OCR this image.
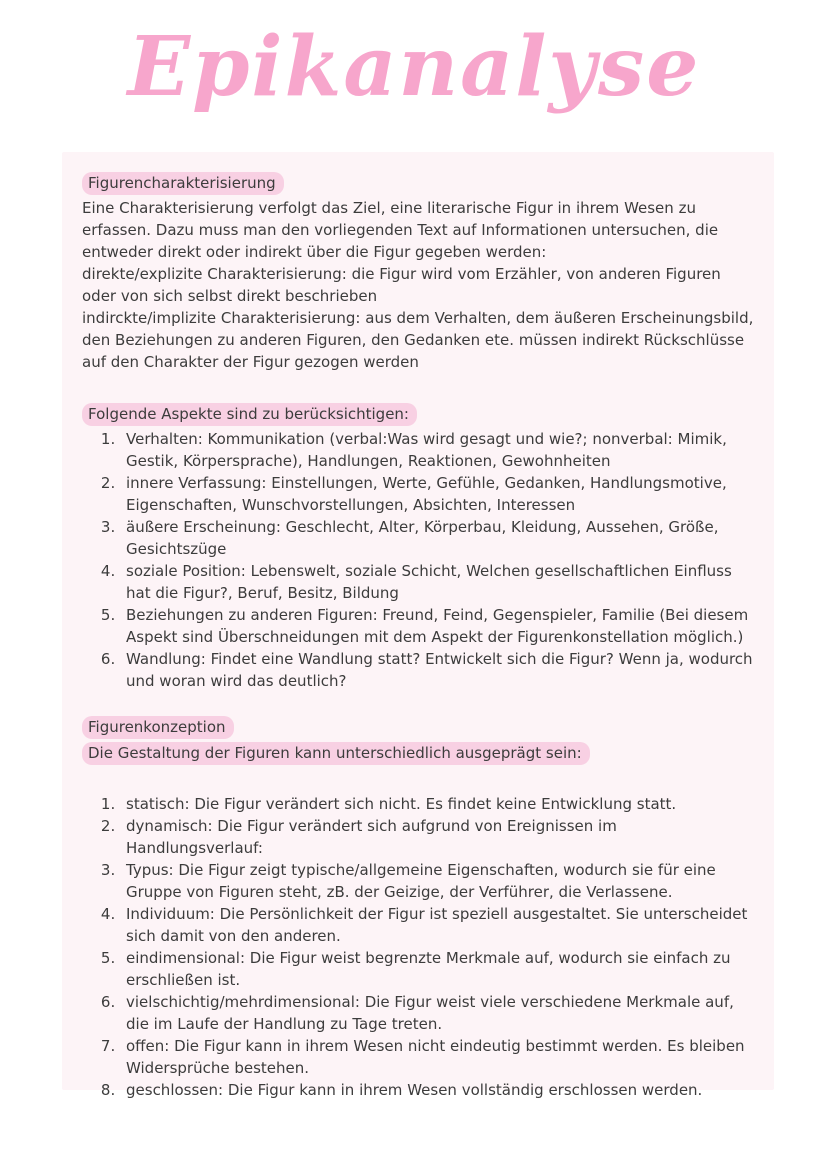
Epikanalyse
Figurencharakterisierung

Eine Charakterisierung verfolgt das Ziel, eine literarische Figur in ihrem Wesen zu erfassen. Dazu muss man den vorliegenden Text auf Informationen untersuchen, die entweder direkt oder indirekt über die Figur gegeben werden:

direkte/explizite Charakterisierung: die Figur wird vom Erzähler, von anderen Figuren oder von sich selbst direkt beschrieben

indirckte/implizite Charakterisierung: aus dem Verhalten, dem äußeren Erscheinungsbild, den Beziehungen zu anderen Figuren, den Gedanken ete. müssen indirekt Rückschlüsse auf den Charakter der Figur gezogen werden

Folgende Aspekte sind zu berücksichtigen:
1. Verhalten: Kommunikation (verbal:Was wird gesagt und wie?; nonverbal: Mimik, Gestik, Körpersprache), Handlungen, Reaktionen, Gewohnheiten
2. innere Verfassung: Einstellungen, Werte, Gefühle, Gedanken, Handlungsmotive, Eigenschaften, Wunschvorstellungen, Absichten, Interessen
3. äußere Erscheinung: Geschlecht, Alter, Körperbau, Kleidung, Aussehen, Größe, Gesichtszüge
4. soziale Position: Lebenswelt, soziale Schicht, Welchen gesellschaftlichen Einfluss hat die Figur?, Beruf, Besitz, Bildung
5. Beziehungen zu anderen Figuren: Freund, Feind, Gegenspieler, Familie (Bei diesem Aspekt sind Überschneidungen mit dem Aspekt der Figurenkonstellation möglich.)
6. Wandlung: Findet eine Wandlung statt? Entwickelt sich die Figur? Wenn ja, wodurch und woran wird das deutlich?
Figurenkonzeption
Die Gestaltung der Figuren kann unterschiedlich ausgeprägt sein:
1. statisch: Die Figur verändert sich nicht. Es findet keine Entwicklung statt.
2. dynamisch: Die Figur verändert sich aufgrund von Ereignissen im Handlungsverlauf:
3. Typus: Die Figur zeigt typische/allgemeine Eigenschaften, wodurch sie für eine Gruppe von Figuren steht, zB. der Geizige, der Verführer, die Verlassene.
4. Individuum: Die Persönlichkeit der Figur ist speziell ausgestaltet. Sie unterscheidet sich damit von den anderen.
5. eindimensional: Die Figur weist begrenzte Merkmale auf, wodurch sie einfach zu erschließen ist.
6. vielschichtig/mehrdimensional: Die Figur weist viele verschiedene Merkmale auf, die im Laufe der Handlung zu Tage treten.
7. offen: Die Figur kann in ihrem Wesen nicht eindeutig bestimmt werden. Es bleiben Widersprüche bestehen.
8. geschlossen: Die Figur kann in ihrem Wesen vollständig erschlossen werden.
